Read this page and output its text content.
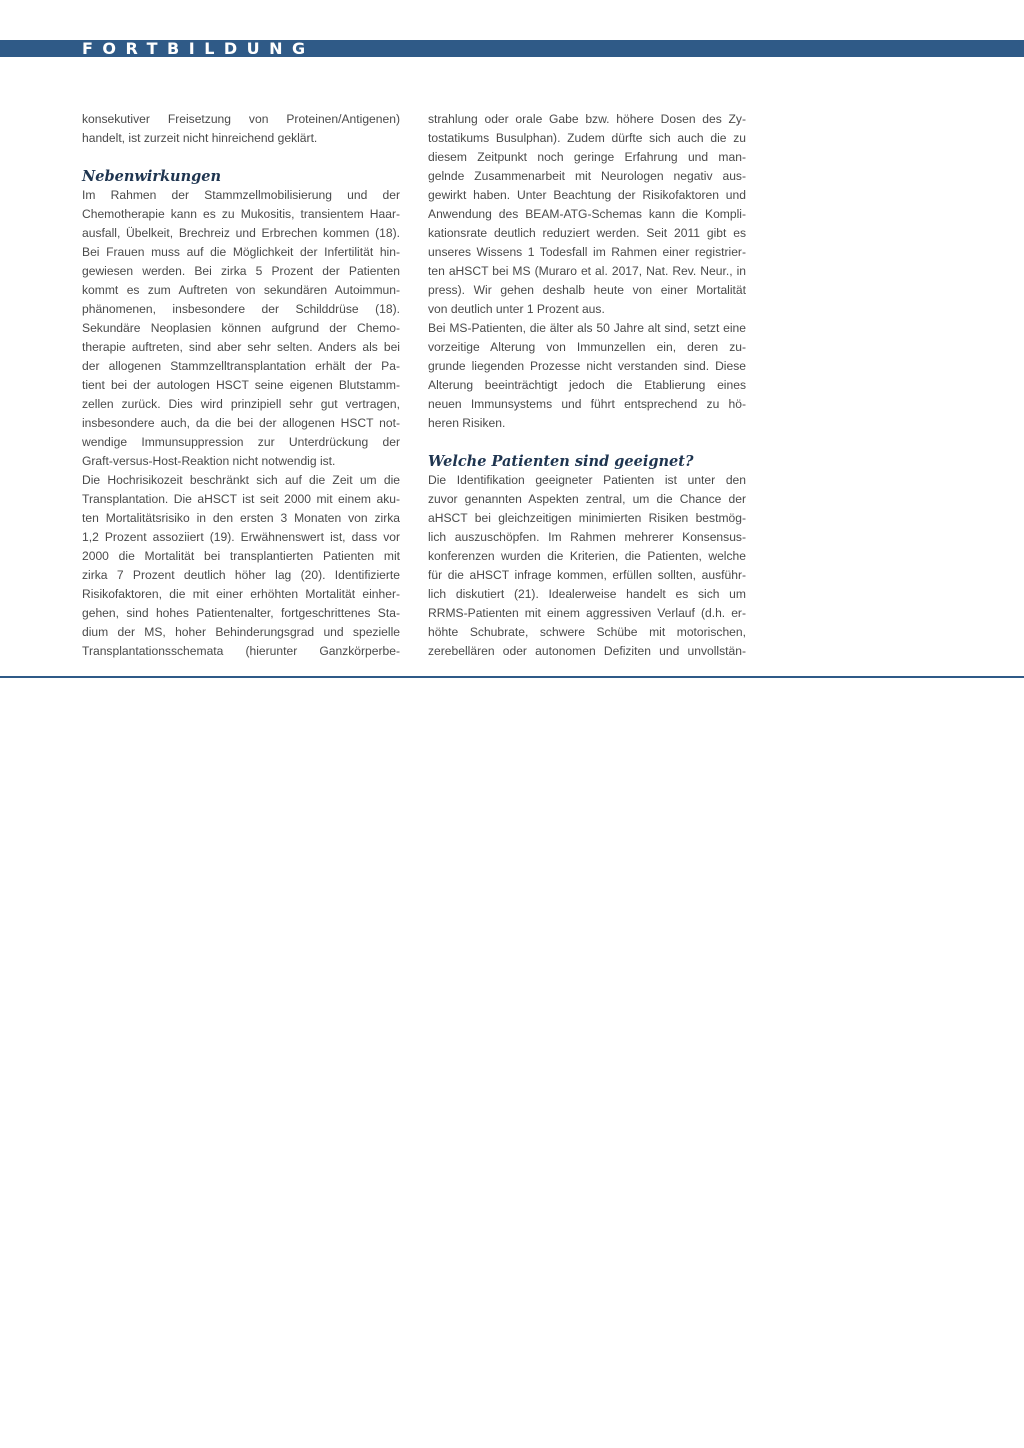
FORTBILDUNG
konsekutiver Freisetzung von Proteinen/Antigenen)
handelt, ist zurzeit nicht hinreichend geklärt.
Nebenwirkungen
Im Rahmen der Stammzellmobilisierung und der
Chemotherapie kann es zu Mukositis, transientem Haar-
ausfall, Übelkeit, Brechreiz und Erbrechen kommen (18).
Bei Frauen muss auf die Möglichkeit der Infertilität hin-
gewiesen werden. Bei zirka 5 Prozent der Patienten
kommt es zum Auftreten von sekundären Autoimmun-
phänomenen, insbesondere der Schilddrüse (18).
Sekundäre Neoplasien können aufgrund der Chemo-
therapie auftreten, sind aber sehr selten. Anders als bei
der allogenen Stammzelltransplantation erhält der Pa-
tient bei der autologen HSCT seine eigenen Blutstamm-
zellen zurück. Dies wird prinzipiell sehr gut vertragen,
insbesondere auch, da die bei der allogenen HSCT not-
wendige Immunsuppression zur Unterdrückung der
Graft-versus-Host-Reaktion nicht notwendig ist.
Die Hochrisikozeit beschränkt sich auf die Zeit um die
Transplantation. Die aHSCT ist seit 2000 mit einem aku-
ten Mortalitätsrisiko in den ersten 3 Monaten von zirka
1,2 Prozent assoziiert (19). Erwähnenswert ist, dass vor
2000 die Mortalität bei transplantierten Patienten mit
zirka 7 Prozent deutlich höher lag (20). Identifizierte
Risikofaktoren, die mit einer erhöhten Mortalität einher-
gehen, sind hohes Patientenalter, fortgeschrittenes Sta-
dium der MS, hoher Behinderungsgrad und spezielle
Transplantationsschemata (hierunter Ganzkörperbe-
strahlung oder orale Gabe bzw. höhere Dosen des Zy-
tostatikums Busulphan). Zudem dürfte sich auch die zu
diesem Zeitpunkt noch geringe Erfahrung und man-
gelnde Zusammenarbeit mit Neurologen negativ aus-
gewirkt haben. Unter Beachtung der Risikofaktoren und
Anwendung des BEAM-ATG-Schemas kann die Kompli-
kationsrate deutlich reduziert werden. Seit 2011 gibt es
unseres Wissens 1 Todesfall im Rahmen einer registrier-
ten aHSCT bei MS (Muraro et al. 2017, Nat. Rev. Neur., in
press). Wir gehen deshalb heute von einer Mortalität
von deutlich unter 1 Prozent aus.
Bei MS-Patienten, die älter als 50 Jahre alt sind, setzt eine
vorzeitige Alterung von Immunzellen ein, deren zu-
grunde liegenden Prozesse nicht verstanden sind. Diese
Alterung beeinträchtigt jedoch die Etablierung eines
neuen Immunsystems und führt entsprechend zu hö-
heren Risiken.
Welche Patienten sind geeignet?
Die Identifikation geeigneter Patienten ist unter den
zuvor genannten Aspekten zentral, um die Chance der
aHSCT bei gleichzeitigen minimierten Risiken bestmög-
lich auszuschöpfen. Im Rahmen mehrerer Konsensus-
konferenzen wurden die Kriterien, die Patienten, welche
für die aHSCT infrage kommen, erfüllen sollten, ausführ-
lich diskutiert (21). Idealerweise handelt es sich um
RRMS-Patienten mit einem aggressiven Verlauf (d.h. er-
höhte Schubrate, schwere Schübe mit motorischen,
zerebellären oder autonomen Defiziten und unvollstän-
